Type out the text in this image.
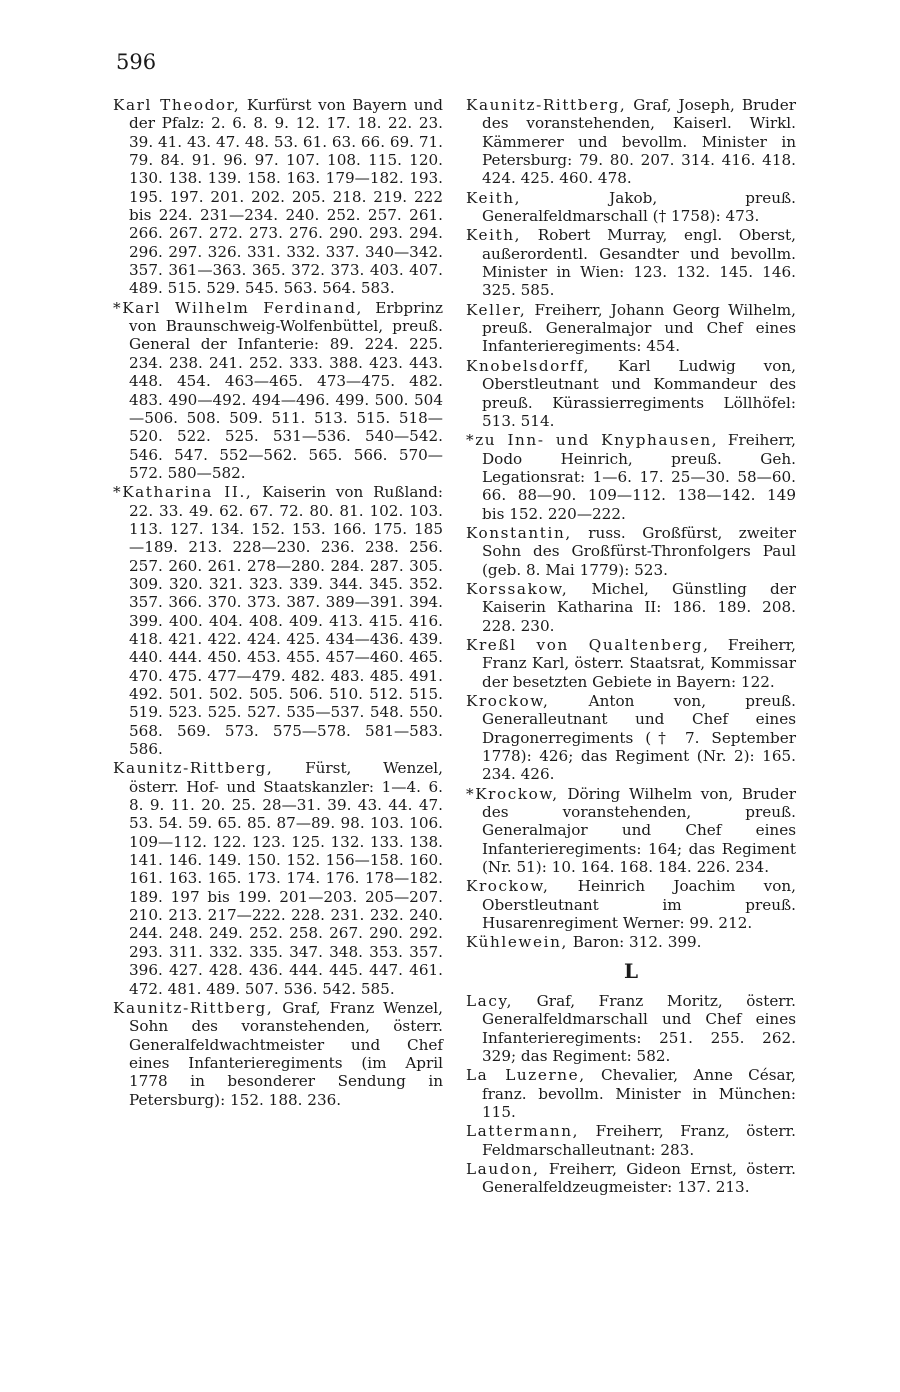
596

Karl Theodor, Kurfürst von Bayern und der Pfalz: 2. 6. 8. 9. 12. 17. 18. 22. 23. 39. 41. 43. 47. 48. 53. 61. 63. 66. 69. 71. 79. 84. 91. 96. 97. 107. 108. 115. 120. 130. 138. 139. 158. 163. 179—182. 193. 195. 197. 201. 202. 205. 218. 219. 222 bis 224. 231—234. 240. 252. 257. 261. 266. 267. 272. 273. 276. 290. 293. 294. 296. 297. 326. 331. 332. 337. 340—342. 357. 361—363. 365. 372. 373. 403. 407. 489. 515. 529. 545. 563. 564. 583.

*Karl Wilhelm Ferdinand, Erbprinz von Braunschweig-Wolfenbüttel, preuß. General der Infanterie: 89. 224. 225. 234. 238. 241. 252. 333. 388. 423. 443. 448. 454. 463—465. 473—475. 482. 483. 490—492. 494—496. 499. 500. 504—506. 508. 509. 511. 513. 515. 518—520. 522. 525. 531—536. 540—542. 546. 547. 552—562. 565. 566. 570—572. 580—582.

*Katharina II., Kaiserin von Rußland: 22. 33. 49. 62. 67. 72. 80. 81. 102. 103. 113. 127. 134. 152. 153. 166. 175. 185—189. 213. 228—230. 236. 238. 256. 257. 260. 261. 278—280. 284. 287. 305. 309. 320. 321. 323. 339. 344. 345. 352. 357. 366. 370. 373. 387. 389—391. 394. 399. 400. 404. 408. 409. 413. 415. 416. 418. 421. 422. 424. 425. 434—436. 439. 440. 444. 450. 453. 455. 457—460. 465. 470. 475. 477—479. 482. 483. 485. 491. 492. 501. 502. 505. 506. 510. 512. 515. 519. 523. 525. 527. 535—537. 548. 550. 568. 569. 573. 575—578. 581—583. 586.

Kaunitz-Rittberg, Fürst, Wenzel, österr. Hof- und Staatskanzler: 1—4. 6. 8. 9. 11. 20. 25. 28—31. 39. 43. 44. 47. 53. 54. 59. 65. 85. 87—89. 98. 103. 106. 109—112. 122. 123. 125. 132. 133. 138. 141. 146. 149. 150. 152. 156—158. 160. 161. 163. 165. 173. 174. 176. 178—182. 189. 197 bis 199. 201—203. 205—207. 210. 213. 217—222. 228. 231. 232. 240. 244. 248. 249. 252. 258. 267. 290. 292. 293. 311. 332. 335. 347. 348. 353. 357. 396. 427. 428. 436. 444. 445. 447. 461. 472. 481. 489. 507. 536. 542. 585.

Kaunitz-Rittberg, Graf, Franz Wenzel, Sohn des voranstehenden, österr. Generalfeldwachtmeister und Chef eines Infanterieregiments (im April 1778 in besonderer Sendung in Petersburg): 152. 188. 236.

Kaunitz-Rittberg, Graf, Joseph, Bruder des voranstehenden, Kaiserl. Wirkl. Kämmerer und bevollm. Minister in Petersburg: 79. 80. 207. 314. 416. 418. 424. 425. 460. 478.

Keith, Jakob, preuß. Generalfeldmarschall († 1758): 473.

Keith, Robert Murray, engl. Oberst, außerordentl. Gesandter und bevollm. Minister in Wien: 123. 132. 145. 146. 325. 585.

Keller, Freiherr, Johann Georg Wilhelm, preuß. Generalmajor und Chef eines Infanterieregiments: 454.

Knobelsdorff, Karl Ludwig von, Oberstleutnant und Kommandeur des preuß. Kürassierregiments Löllhöfel: 513. 514.

*zu Inn- und Knyphausen, Freiherr, Dodo Heinrich, preuß. Geh. Legationsrat: 1—6. 17. 25—30. 58—60. 66. 88—90. 109—112. 138—142. 149 bis 152. 220—222.

Konstantin, russ. Großfürst, zweiter Sohn des Großfürst-Thronfolgers Paul (geb. 8. Mai 1779): 523.

Korssakow, Michel, Günstling der Kaiserin Katharina II: 186. 189. 208. 228. 230.

Kreßl von Qualtenberg, Freiherr, Franz Karl, österr. Staatsrat, Kommissar der besetzten Gebiete in Bayern: 122.

Krockow, Anton von, preuß. Generalleutnant und Chef eines Dragonerregiments († 7. September 1778): 426; das Regiment (Nr. 2): 165. 234. 426.

*Krockow, Döring Wilhelm von, Bruder des voranstehenden, preuß. Generalmajor und Chef eines Infanterieregiments: 164; das Regiment (Nr. 51): 10. 164. 168. 184. 226. 234.

Krockow, Heinrich Joachim von, Oberstleutnant im preuß. Husarenregiment Werner: 99. 212.

Kühlewein, Baron: 312. 399.

L

Lacy, Graf, Franz Moritz, österr. Generalfeldmarschall und Chef eines Infanterieregiments: 251. 255. 262. 329; das Regiment: 582.

La Luzerne, Chevalier, Anne César, franz. bevollm. Minister in München: 115.

Lattermann, Freiherr, Franz, österr. Feldmarschalleutnant: 283.

Laudon, Freiherr, Gideon Ernst, österr. Generalfeldzeugmeister: 137. 213.
